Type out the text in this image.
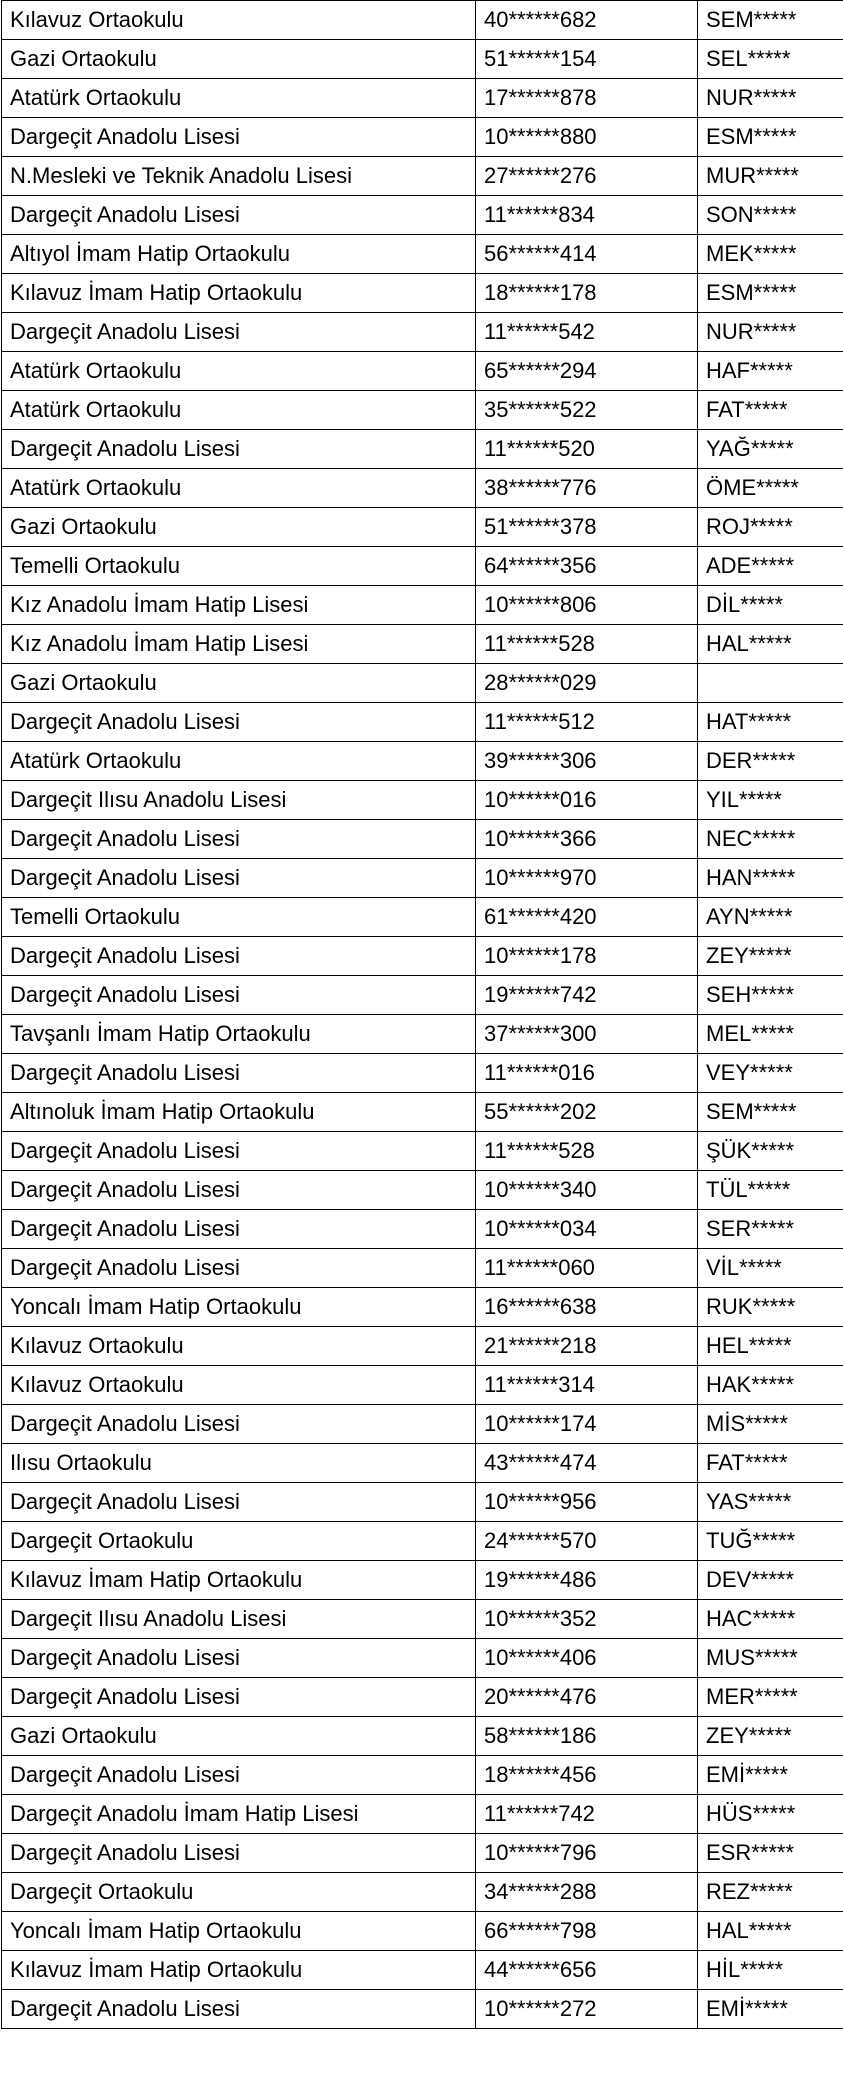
Kılavuz Ortaokulu	40******682	SEM*****
Gazi Ortaokulu	51******154	SEL*****
Atatürk Ortaokulu	17******878	NUR*****
Dargeçit Anadolu Lisesi	10******880	ESM*****
N.Mesleki ve Teknik Anadolu Lisesi	27******276	MUR*****
Dargeçit Anadolu Lisesi	11******834	SON*****
Altıyol İmam Hatip Ortaokulu	56******414	MEK*****
Kılavuz İmam Hatip Ortaokulu	18******178	ESM*****
Dargeçit Anadolu Lisesi	11******542	NUR*****
Atatürk Ortaokulu	65******294	HAF*****
Atatürk Ortaokulu	35******522	FAT*****
Dargeçit Anadolu Lisesi	11******520	YAĞ*****
Atatürk Ortaokulu	38******776	ÖME*****
Gazi Ortaokulu	51******378	ROJ*****
Temelli Ortaokulu	64******356	ADE*****
Kız Anadolu İmam Hatip Lisesi	10******806	DİL*****
Kız Anadolu İmam Hatip Lisesi	11******528	HAL*****
Gazi Ortaokulu	28******029	
Dargeçit Anadolu Lisesi	11******512	HAT*****
Atatürk Ortaokulu	39******306	DER*****
Dargeçit Ilısu Anadolu Lisesi	10******016	YIL*****
Dargeçit Anadolu Lisesi	10******366	NEC*****
Dargeçit Anadolu Lisesi	10******970	HAN*****
Temelli Ortaokulu	61******420	AYN*****
Dargeçit Anadolu Lisesi	10******178	ZEY*****
Dargeçit Anadolu Lisesi	19******742	SEH*****
Tavşanlı İmam Hatip Ortaokulu	37******300	MEL*****
Dargeçit Anadolu Lisesi	11******016	VEY*****
Altınoluk İmam Hatip Ortaokulu	55******202	SEM*****
Dargeçit Anadolu Lisesi	11******528	ŞÜK*****
Dargeçit Anadolu Lisesi	10******340	TÜL*****
Dargeçit Anadolu Lisesi	10******034	SER*****
Dargeçit Anadolu Lisesi	11******060	VİL*****
Yoncalı İmam Hatip Ortaokulu	16******638	RUK*****
Kılavuz Ortaokulu	21******218	HEL*****
Kılavuz Ortaokulu	11******314	HAK*****
Dargeçit Anadolu Lisesi	10******174	MİS*****
Ilısu Ortaokulu	43******474	FAT*****
Dargeçit Anadolu Lisesi	10******956	YAS*****
Dargeçit Ortaokulu	24******570	TUĞ*****
Kılavuz İmam Hatip Ortaokulu	19******486	DEV*****
Dargeçit Ilısu Anadolu Lisesi	10******352	HAC*****
Dargeçit Anadolu Lisesi	10******406	MUS*****
Dargeçit Anadolu Lisesi	20******476	MER*****
Gazi Ortaokulu	58******186	ZEY*****
Dargeçit Anadolu Lisesi	18******456	EMİ*****
Dargeçit Anadolu İmam Hatip Lisesi	11******742	HÜS*****
Dargeçit Anadolu Lisesi	10******796	ESR*****
Dargeçit Ortaokulu	34******288	REZ*****
Yoncalı İmam Hatip Ortaokulu	66******798	HAL*****
Kılavuz İmam Hatip Ortaokulu	44******656	HİL*****
Dargeçit Anadolu Lisesi	10******272	EMİ*****
